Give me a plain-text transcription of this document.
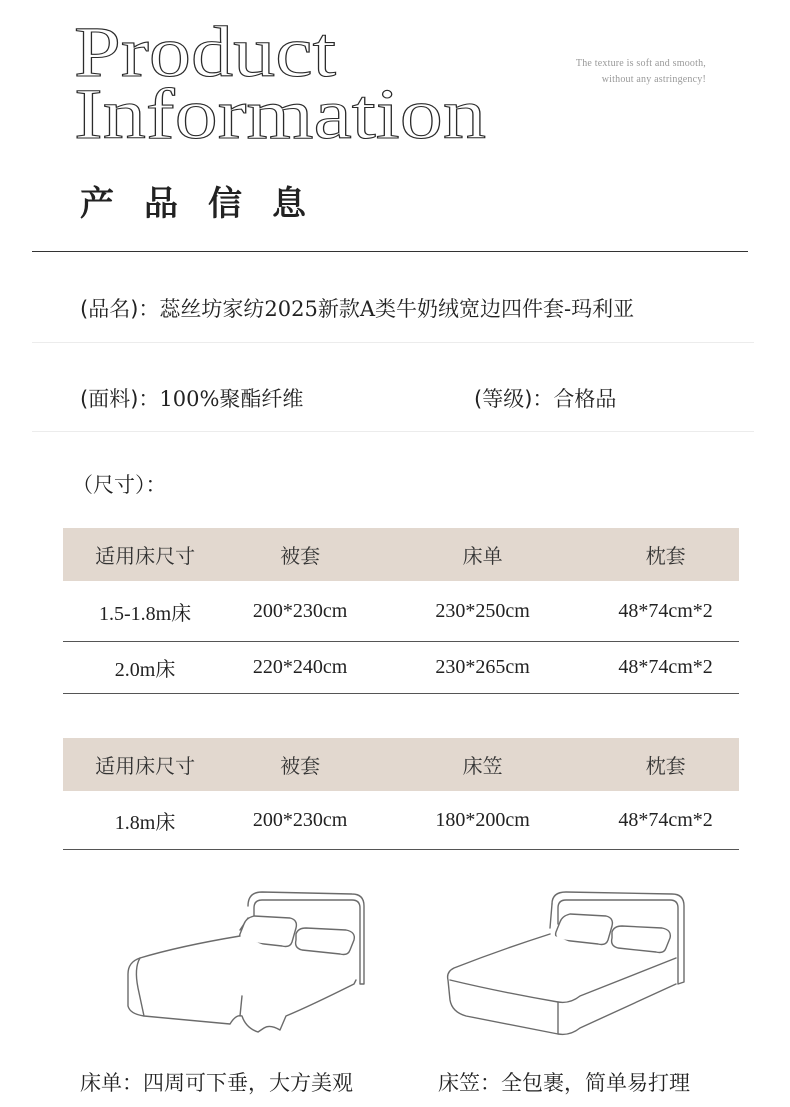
Product
Information
The texture is soft and smooth,
without any astringency!
产品信息
(品名)：蕊丝坊家纺2025新款A类牛奶绒宽边四件套-玛利亚
(面料)：100%聚酯纤维	(等级)：合格品
（尺寸）：
适用床尺寸	被套	床单	枕套
1.5-1.8m床	200*230cm	230*250cm	48*74cm*2
2.0m床	220*240cm	230*265cm	48*74cm*2
适用床尺寸	被套	床笠	枕套
1.8m床	200*230cm	180*200cm	48*74cm*2
床单：四周可下垂，大方美观	床笠：全包裹，简单易打理
